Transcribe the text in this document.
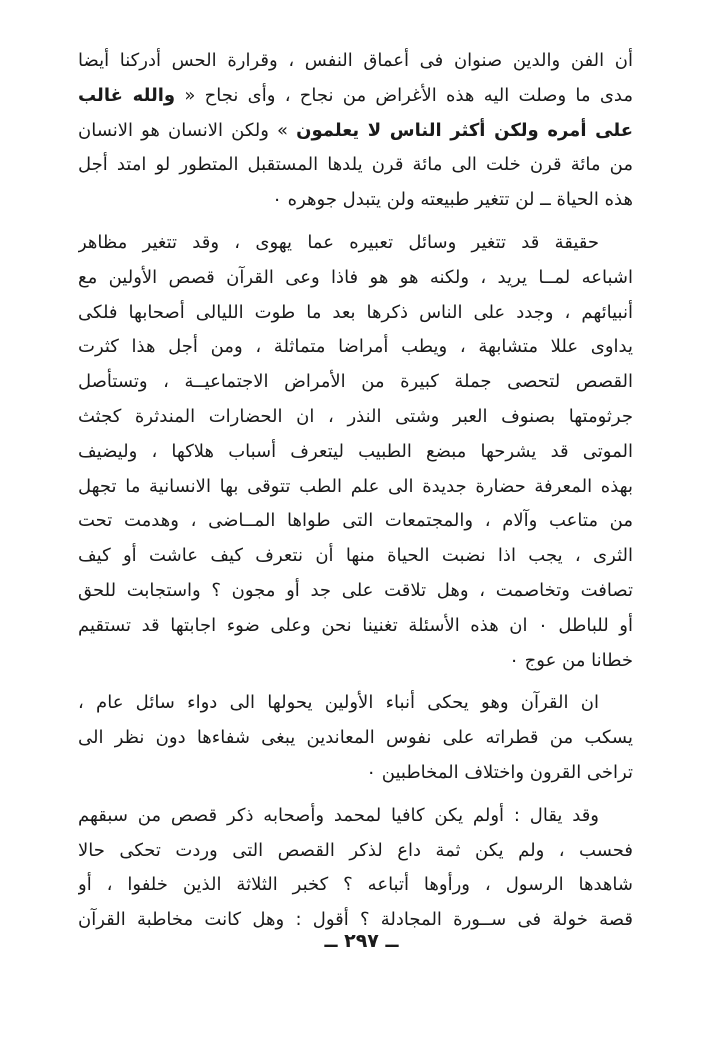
أن الفن والدين صنوان فى أعماق النفس ، وقرارة الحس أدركنا أيضا
مدى ما وصلت اليه هذه الأغراض من نجاح ، وأى نجاح « والله غالب
على أمره ولكن أكثر الناس لا يعلمون » ولكن الانسان هو الانسان
من مائة قرن خلت الى مائة قرن يلدها المستقبل المتطور لو امتد أجل
هذه الحياة ــ لن تتغير طبيعته ولن يتبدل جوهره ٠
حقيقة قد تتغير وسائل تعبيره عما يهوى ، وقد تتغير مظاهر
اشباعه لمــا يريد ، ولكنه هو هو فاذا وعى القرآن قصص الأولين مع
أنبيائهم ، وجدد على الناس ذكرها بعد ما طوت الليالى أصحابها فلكى
يداوى عللا متشابهة ، ويطب أمراضا متماثلة ، ومن أجل هذا كثرت
القصص لتحصى جملة كبيرة من الأمراض الاجتماعيــة ، وتستأصل
جرثومتها بصنوف العبر وشتى النذر ، ان الحضارات المندثرة كجثث
الموتى قد يشرحها مبضع الطبيب ليتعرف أسباب هلاكها ، وليضيف
بهذه المعرفة حضارة جديدة الى علم الطب تتوقى بها الانسانية ما تجهل
من متاعب وآلام ، والمجتمعات التى طواها المــاضى ، وهدمت تحت
الثرى ، يجب اذا نضبت الحياة منها أن نتعرف كيف عاشت أو كيف
تصافت وتخاصمت ، وهل تلاقت على جد أو مجون ؟ واستجابت للحق
أو للباطل ٠ ان هذه الأسئلة تغنينا نحن وعلى ضوء اجابتها قد تستقيم
خطانا من عوج ٠
ان القرآن وهو يحكى أنباء الأولين يحولها الى دواء سائل عام ،
يسكب من قطراته على نفوس المعاندين يبغى شفاءها دون نظر الى
تراخى القرون واختلاف المخاطبين ٠
وقد يقال : أولم يكن كافيا لمحمد وأصحابه ذكر قصص من سبقهم
فحسب ، ولم يكن ثمة داع لذكر القصص التى وردت تحكى حالا
شاهدها الرسول ، ورأوها أتباعه ؟ كخبر الثلاثة الذين خلفوا ، أو
قصة خولة فى ســورة المجادلة ؟ أقول : وهل كانت مخاطبة القرآن
ــ ٢٩٧ ــ
